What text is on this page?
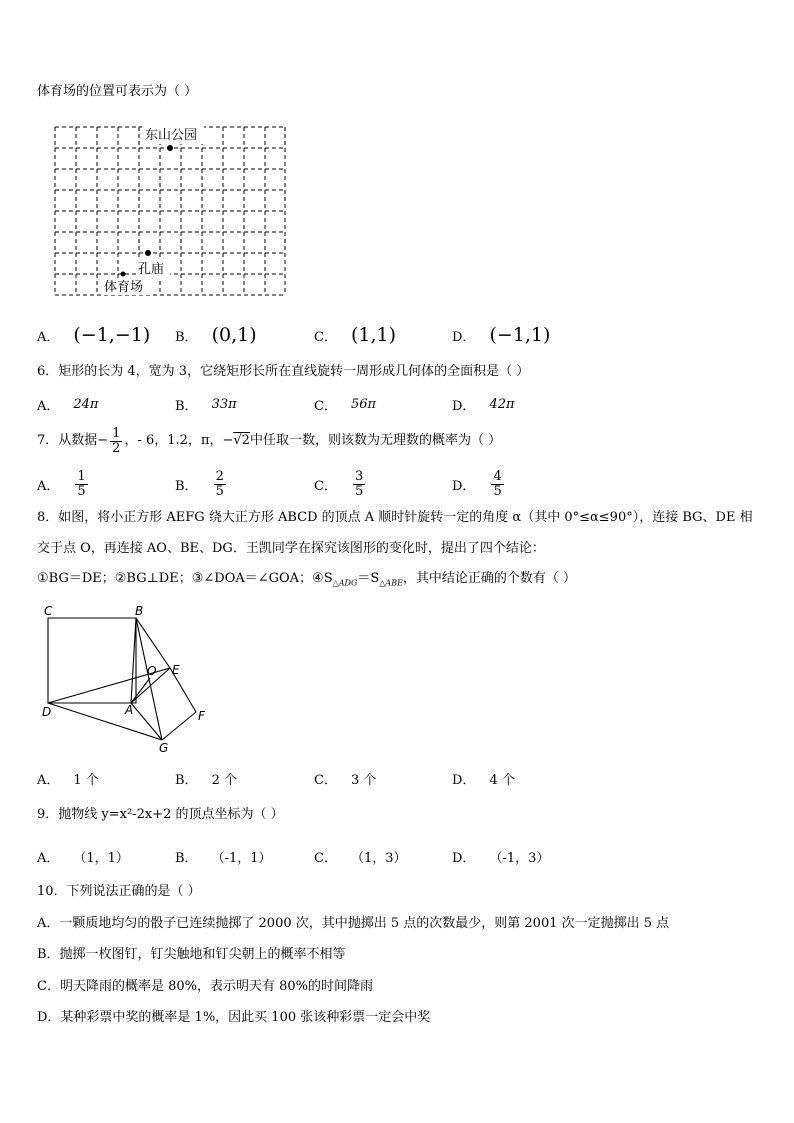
体育场的位置可表示为（ ）
东山公园
孔庙
体育场
A． (−1,−1) B． (0,1)	C． (1,1)	D． (−1,1)
6．矩形的长为 4，宽为 3，它绕矩形长所在直线旋转一周形成几何体的全面积是（ ）
A． 24π	B． 33π	C． 56π	D． 42π
7．从数据− $\frac{1}{2}$ ，- 6，1.2，π，− √2 中任取一数，则该数为无理数的概率为（ ）
A． $\frac{1}{5}$	B． $\frac{2}{5}$	C． $\frac{3}{5}$	D． $\frac{4}{5}$
8．如图，将小正方形 AEFG 绕大正方形 ABCD 的顶点 A 顺时针旋转一定的角度 α（其中 0°≤α≤90°），连接 BG、DE 相
交于点 O，再连接 AO、BE、DG．王凯同学在探究该图形的变化时，提出了四个结论：
①BG＝DE；②BG⊥DE；③∠DOA＝∠GOA；$④S_{\triangle ADG}=S_{\triangle ABE}$，其中结论正确的个数有（ ）
C	B
O E
D	A	F
G
A． 1 个	B． 2 个	C． 3 个	D． 4 个
9．抛物线 y=x²-2x+2 的顶点坐标为（ ）
A． （1，1）	B． （-1，1）	C． （1，3）	D． （-1，3）
10．下列说法正确的是（ ）
A．一颗质地均匀的骰子已连续抛掷了 2000 次，其中抛掷出 5 点的次数最少，则第 2001 次一定抛掷出 5 点
B．抛掷一枚图钉，钉尖触地和钉尖朝上的概率不相等
C．明天降雨的概率是 80%，表示明天有 80%的时间降雨
D．某种彩票中奖的概率是 1%，因此买 100 张该种彩票一定会中奖
